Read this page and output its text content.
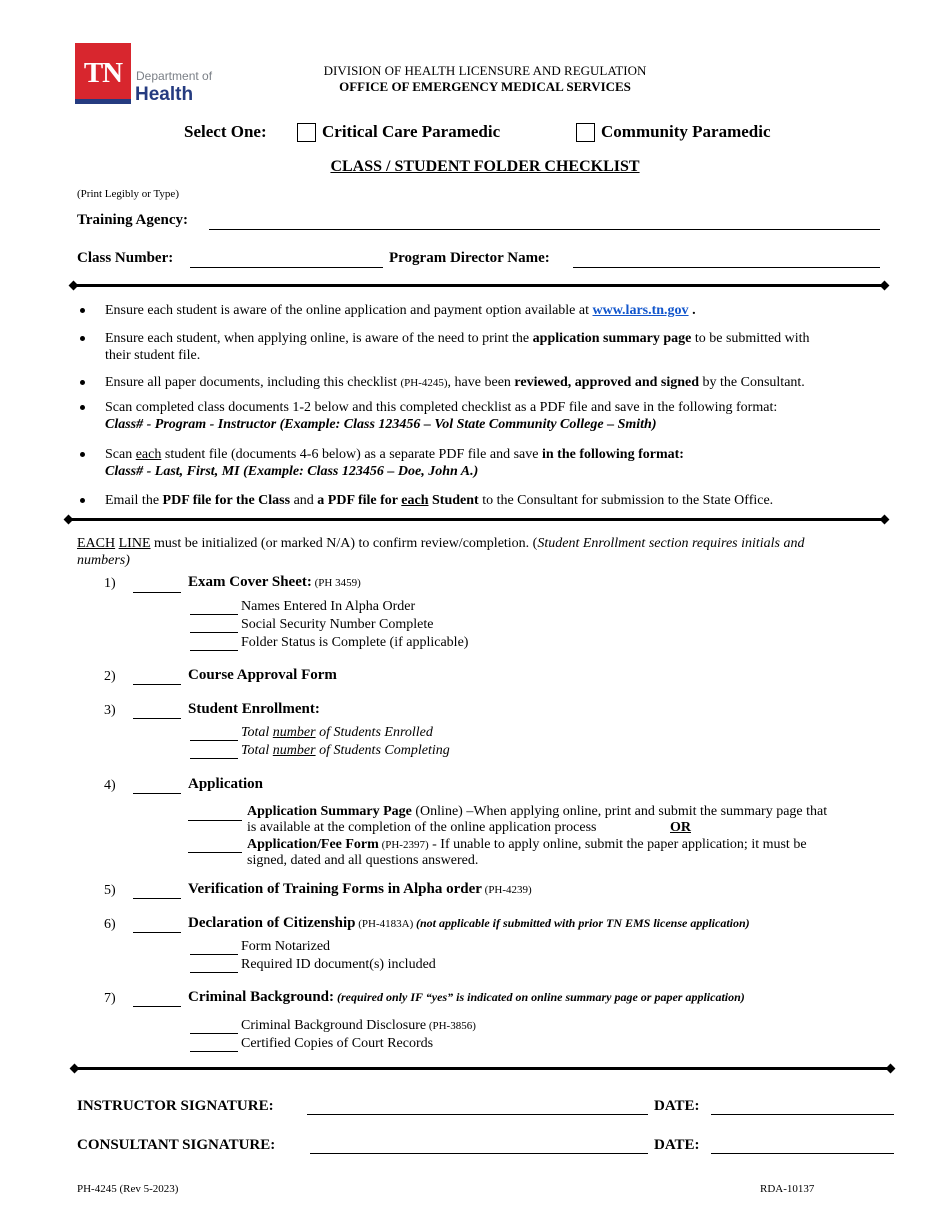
TN	Department of
Health
DIVISION OF HEALTH LICENSURE AND REGULATION
OFFICE OF EMERGENCY MEDICAL SERVICES
Select One:	Critical Care Paramedic	Community Paramedic
CLASS / STUDENT FOLDER CHECKLIST
(Print Legibly or Type)
Training Agency:
Class Number:	Program Director Name:
Ensure each student is aware of the online application and payment option available at www.lars.tn.gov .
Ensure each student, when applying online, is aware of the need to print the application summary page to be submitted with
their student file.
Ensure all paper documents, including this checklist (PH-4245), have been reviewed, approved and signed by the Consultant.
Scan completed class documents 1-2 below and this completed checklist as a PDF file and save in the following format:
Class# - Program - Instructor (Example: Class 123456 – Vol State Community College – Smith)
Scan each student file (documents 4-6 below) as a separate PDF file and save in the following format:
Class# - Last, First, MI (Example: Class 123456 – Doe, John A.)
Email the PDF file for the Class and a PDF file for each Student to the Consultant for submission to the State Office.
EACH LINE must be initialized (or marked N/A) to confirm review/completion. (Student Enrollment section requires initials and
numbers)
1)	Exam Cover Sheet: (PH 3459)
Names Entered In Alpha Order
Social Security Number Complete
Folder Status is Complete (if applicable)
2)	Course Approval Form
3)	Student Enrollment:
Total number of Students Enrolled
Total number of Students Completing
4)	Application
Application Summary Page (Online) –When applying online, print and submit the summary page that
is available at the completion of the online application process	OR
Application/Fee Form (PH-2397) - If unable to apply online, submit the paper application; it must be
signed, dated and all questions answered.
5)	Verification of Training Forms in Alpha order (PH-4239)
6)	Declaration of Citizenship (PH-4183A) (not applicable if submitted with prior TN EMS license application)
Form Notarized
Required ID document(s) included
7)	Criminal Background: (required only IF “yes” is indicated on online summary page or paper application)
Criminal Background Disclosure (PH-3856)
Certified Copies of Court Records
INSTRUCTOR SIGNATURE:	DATE:
CONSULTANT SIGNATURE:	DATE:
PH-4245 (Rev 5-2023)	RDA-10137
